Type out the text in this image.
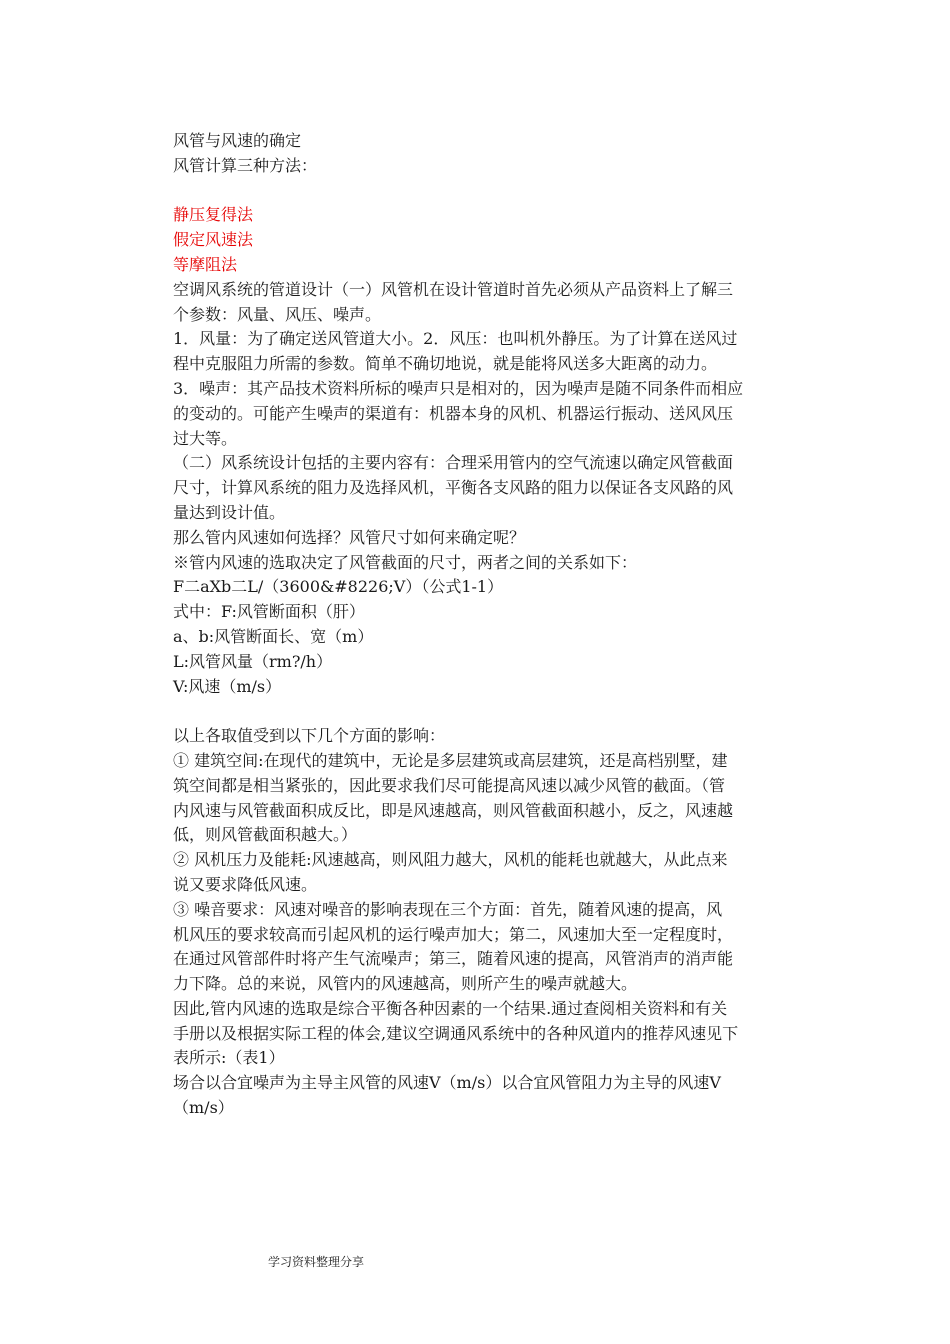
风管与风速的确定
风管计算三种方法：
静压复得法
假定风速法
等摩阻法
空调风系统的管道设计（一）风管机在设计管道时首先必须从产品资料上了解三
个参数：风量、风压、噪声。
1．风量：为了确定送风管道大小。2．风压：也叫机外静压。为了计算在送风过
程中克服阻力所需的参数。简单不确切地说，就是能将风送多大距离的动力。
3．噪声：其产品技术资料所标的噪声只是相对的，因为噪声是随不同条件而相应
的变动的。可能产生噪声的渠道有：机器本身的风机、机器运行振动、送风风压
过大等。
（二）风系统设计包括的主要内容有：合理采用管内的空气流速以确定风管截面
尺寸，计算风系统的阻力及选择风机，平衡各支风路的阻力以保证各支风路的风
量达到设计值。
那么管内风速如何选择？风管尺寸如何来确定呢？
※管内风速的选取决定了风管截面的尺寸，两者之间的关系如下：
F二aXb二L/（3600&#8226;V）（公式1-1）
式中：F:风管断面积（肝）
a、b:风管断面长、宽（m）
L:风管风量（rm?/h）
V:风速（m/s）
以上各取值受到以下几个方面的影响：
① 建筑空间:在现代的建筑中，无论是多层建筑或高层建筑，还是高档别墅，建
筑空间都是相当紧张的，因此要求我们尽可能提高风速以减少风管的截面。（管
内风速与风管截面积成反比，即是风速越高，则风管截面积越小，反之，风速越
低，则风管截面积越大。）
② 风机压力及能耗:风速越高，则风阻力越大，风机的能耗也就越大，从此点来
说又要求降低风速。
③ 噪音要求：风速对噪音的影响表现在三个方面：首先，随着风速的提高，风
机风压的要求较高而引起风机的运行噪声加大；第二，风速加大至一定程度时，
在通过风管部件时将产生气流噪声；第三，随着风速的提高，风管消声的消声能
力下降。总的来说，风管内的风速越高，则所产生的噪声就越大。
因此,管内风速的选取是综合平衡各种因素的一个结果.通过查阅相关资料和有关
手册以及根据实际工程的体会,建议空调通风系统中的各种风道内的推荐风速见下
表所示:（表1）
场合以合宜噪声为主导主风管的风速V（m/s）以合宜风管阻力为主导的风速V
（m/s）
学习资料整理分享
